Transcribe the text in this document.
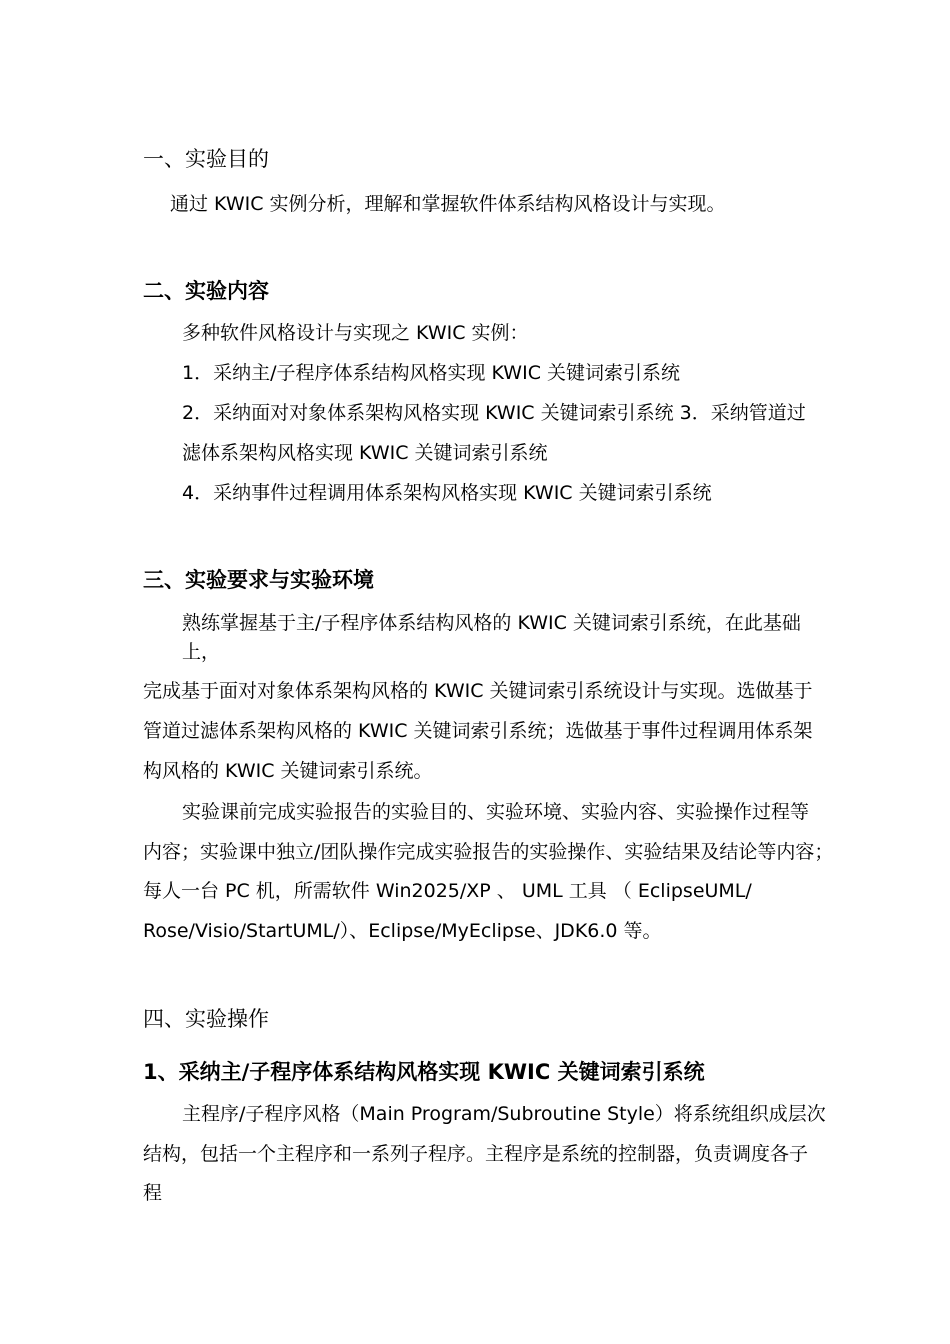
一、实验目的

通过 KWIC 实例分析，理解和掌握软件体系结构风格设计与实现。

二、实验内容

多种软件风格设计与实现之 KWIC 实例：

1．采纳主/子程序体系结构风格实现 KWIC 关键词索引系统

2．采纳面对对象体系架构风格实现 KWIC 关键词索引系统 3．采纳管道过

滤体系架构风格实现 KWIC 关键词索引系统

4．采纳事件过程调用体系架构风格实现 KWIC 关键词索引系统

三、实验要求与实验环境

熟练掌握基于主/子程序体系结构风格的 KWIC 关键词索引系统，在此基础

上，

完成基于面对对象体系架构风格的 KWIC 关键词索引系统设计与实现。选做基于

管道过滤体系架构风格的 KWIC 关键词索引系统；选做基于事件过程调用体系架

构风格的 KWIC 关键词索引系统。

实验课前完成实验报告的实验目的、实验环境、实验内容、实验操作过程等

内容；实验课中独立/团队操作完成实验报告的实验操作、实验结果及结论等内容；

每人一台 PC 机，所需软件 Win2025/XP 、 UML 工具 （ EclipseUML/

Rose/Visio/StartUML/）、Eclipse/MyEclipse、JDK6.0 等。

四、实验操作

1、采纳主/子程序体系结构风格实现 KWIC 关键词索引系统

主程序/子程序风格（Main Program/Subroutine Style）将系统组织成层次

结构，包括一个主程序和一系列子程序。主程序是系统的控制器，负责调度各子

程
